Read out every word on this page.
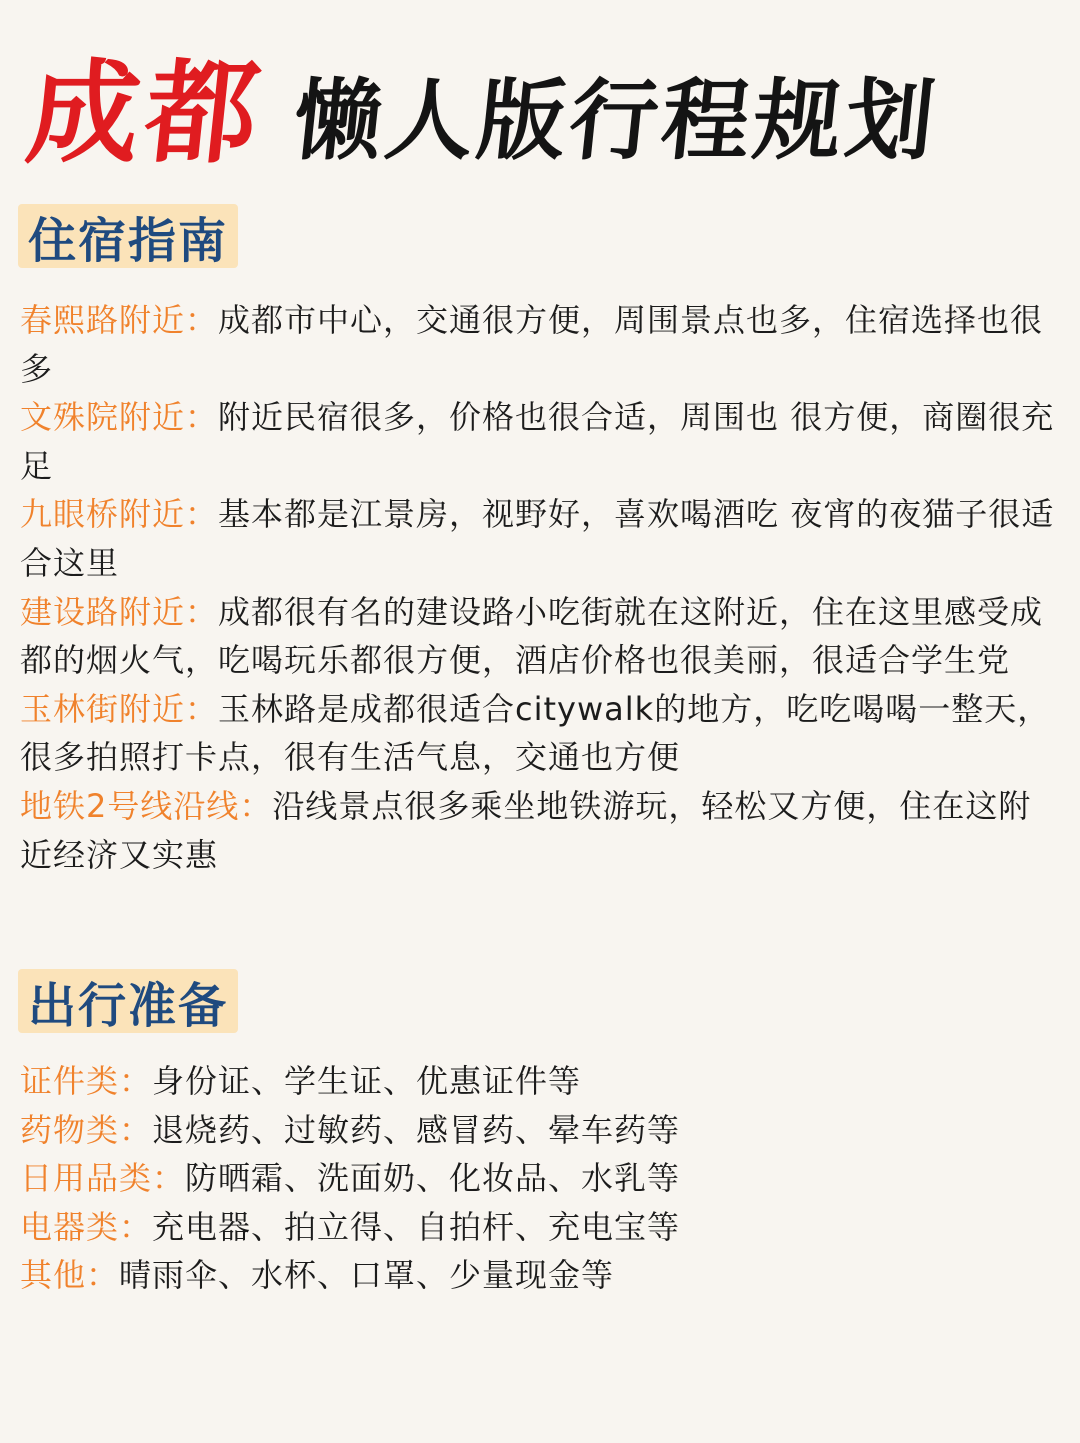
成都 懒人版行程规划
住宿指南

春熙路附近：成都市中心，交通很方便，周围景点也多，住宿选择也很多

文殊院附近：附近民宿很多，价格也很合适，周围也 很方便，商圈很充足

九眼桥附近：基本都是江景房，视野好，喜欢喝酒吃 夜宵的夜猫子很适合这里

建设路附近：成都很有名的建设路小吃街就在这附近，住在这里感受成都的烟火气，吃喝玩乐都很方便，酒店价格也很美丽，很适合学生党

玉林街附近：玉林路是成都很适合citywalk的地方，吃吃喝喝一整天，很多拍照打卡点，很有生活气息，交通也方便

地铁2号线沿线：沿线景点很多乘坐地铁游玩，轻松又方便，住在这附近经济又实惠

出行准备

证件类：身份证、学生证、优惠证件等

药物类：退烧药、过敏药、感冒药、晕车药等

日用品类：防晒霜、洗面奶、化妆品、水乳等

电器类：充电器、拍立得、自拍杆、充电宝等

其他：晴雨伞、水杯、口罩、少量现金等
